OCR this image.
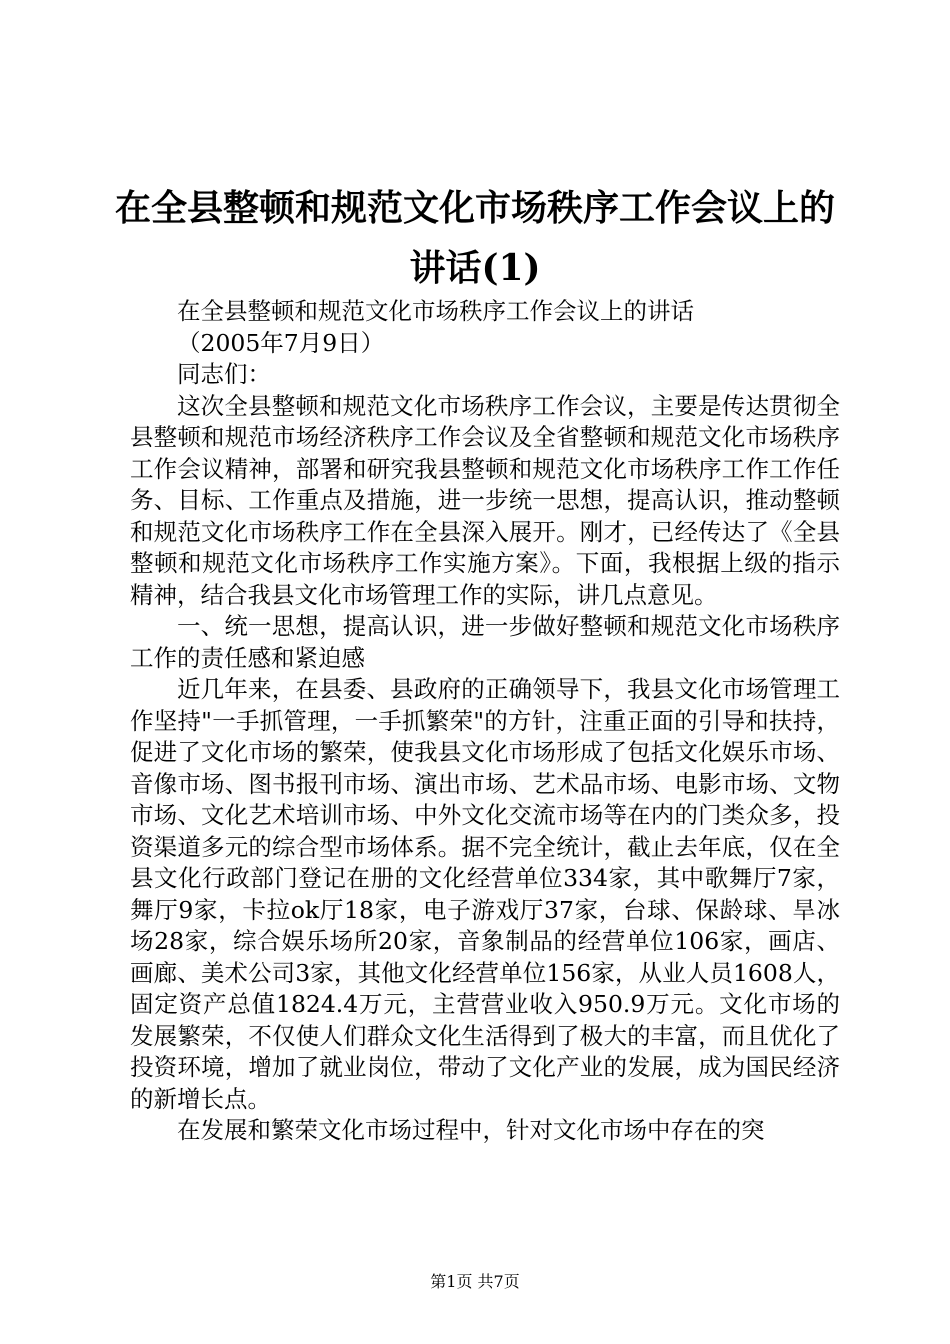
在全县整顿和规范文化市场秩序工作会议上的
讲话(1)

在全县整顿和规范文化市场秩序工作会议上的讲话

（2005年7月9日）

同志们：

这次全县整顿和规范文化市场秩序工作会议，主要是传达贯彻全县整顿和规范市场经济秩序工作会议及全省整顿和规范文化市场秩序工作会议精神，部署和研究我县整顿和规范文化市场秩序工作工作任务、目标、工作重点及措施，进一步统一思想，提高认识，推动整顿和规范文化市场秩序工作在全县深入展开。刚才，已经传达了《全县整顿和规范文化市场秩序工作实施方案》。下面，我根据上级的指示精神，结合我县文化市场管理工作的实际，讲几点意见。

一、统一思想，提高认识，进一步做好整顿和规范文化市场秩序工作的责任感和紧迫感

近几年来，在县委、县政府的正确领导下，我县文化市场管理工作坚持"一手抓管理，一手抓繁荣"的方针，注重正面的引导和扶持，促进了文化市场的繁荣，使我县文化市场形成了包括文化娱乐市场、音像市场、图书报刊市场、演出市场、艺术品市场、电影市场、文物市场、文化艺术培训市场、中外文化交流市场等在内的门类众多，投资渠道多元的综合型市场体系。据不完全统计，截止去年底，仅在全县文化行政部门登记在册的文化经营单位334家，其中歌舞厅7家，舞厅9家，卡拉ok厅18家，电子游戏厅37家，台球、保龄球、旱冰场28家，综合娱乐场所20家，音象制品的经营单位106家，画店、画廊、美术公司3家，其他文化经营单位156家，从业人员1608人，固定资产总值1824.4万元，主营营业收入950.9万元。文化市场的发展繁荣，不仅使人们群众文化生活得到了极大的丰富，而且优化了投资环境，增加了就业岗位，带动了文化产业的发展，成为国民经济的新增长点。

在发展和繁荣文化市场过程中，针对文化市场中存在的突

第1页 共7页
